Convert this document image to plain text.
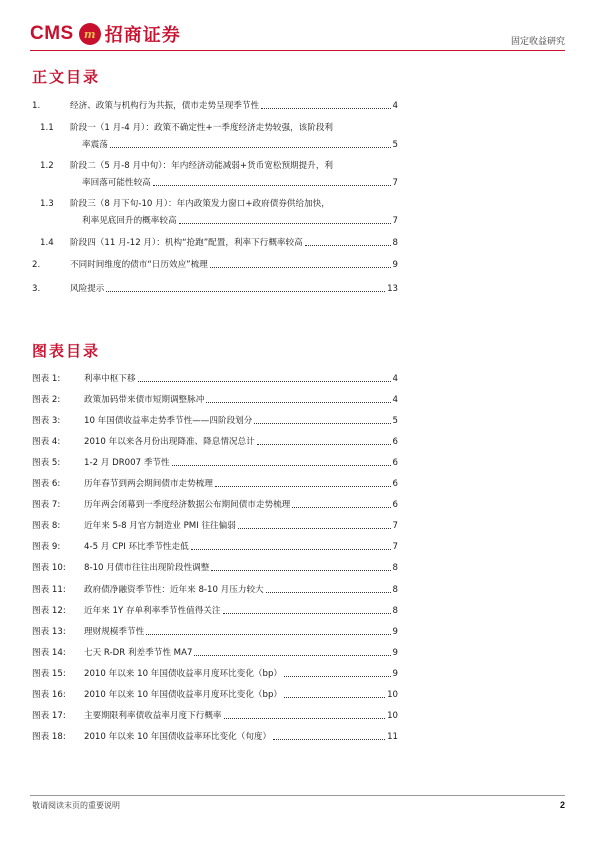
CMS m 招商证券	固定收益研究
正文目录
1.	经济、政策与机构行为共振，债市走势呈现季节性	4
1.1	阶段一（1 月-4 月）：政策不确定性+一季度经济走势较强，该阶段利
率震荡	5
1.2	阶段二（5 月-8 月中旬）：年内经济动能减弱+货币宽松预期提升，利
率回落可能性较高	7
1.3	阶段三（8 月下旬-10 月）：年内政策发力窗口+政府债券供给加快，
利率见底回升的概率较高	7
1.4	阶段四（11 月-12 月）：机构“抢跑”配置，利率下行概率较高	8
2.	不同时间维度的债市“日历效应”梳理	9
3.	风险提示	13
图表目录
图表 1:	利率中枢下移	4
图表 2:	政策加码带来债市短期调整脉冲	4
图表 3:	10 年国债收益率走势季节性——四阶段划分	5
图表 4:	2010 年以来各月份出现降准、降息情况总计	6
图表 5:	1-2 月 DR007 季节性	6
图表 6:	历年春节到两会期间债市走势梳理	6
图表 7:	历年两会闭幕到一季度经济数据公布期间债市走势梳理	6
图表 8:	近年来 5-8 月官方制造业 PMI 往往偏弱	7
图表 9:	4-5 月 CPI 环比季节性走低	7
图表 10:	8-10 月债市往往出现阶段性调整	8
图表 11:	政府债净融资季节性：近年来 8-10 月压力较大	8
图表 12:	近年来 1Y 存单利率季节性值得关注	8
图表 13:	理财规模季节性	9
图表 14:	七天 R-DR 利差季节性 MA7	9
图表 15:	2010 年以来 10 年国债收益率月度环比变化（bp）	9
图表 16:	2010 年以来 10 年国债收益率月度环比变化（bp）	10
图表 17:	主要期限利率债收益率月度下行概率	10
图表 18:	2010 年以来 10 年国债收益率环比变化（旬度）	11
敬请阅读末页的重要说明	2
